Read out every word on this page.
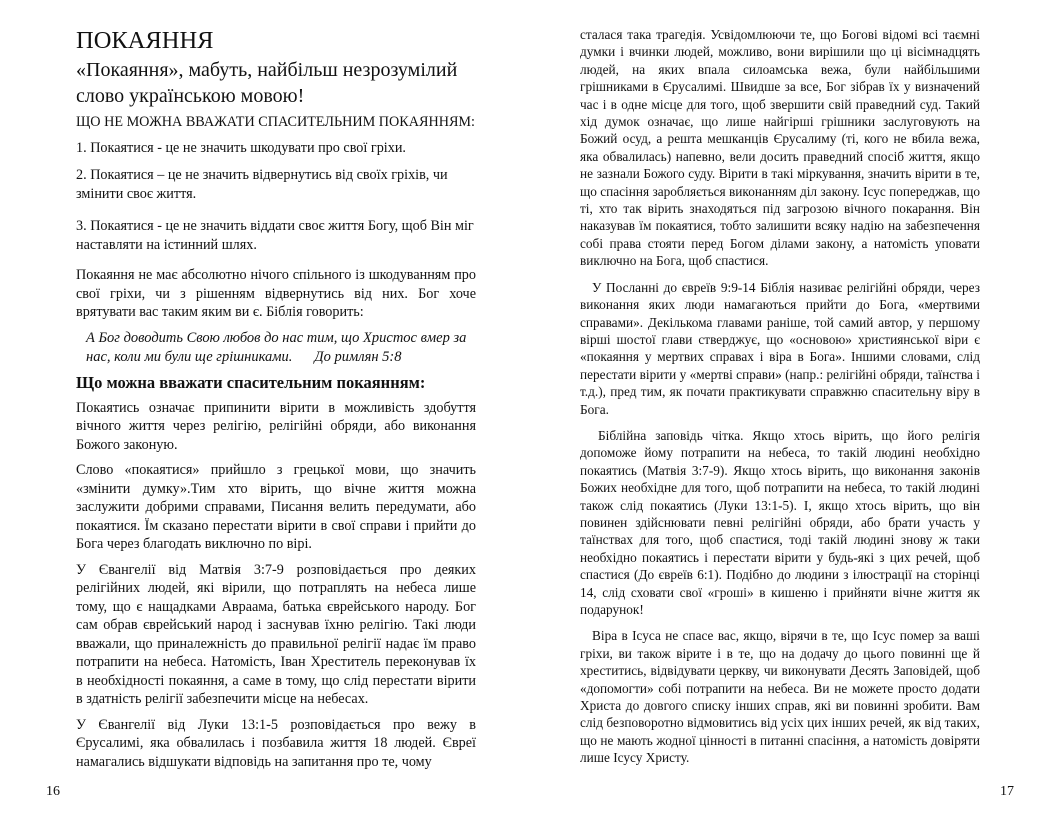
ПОКАЯННЯ
«Покаяння», мабуть, найбільш незрозумілий слово українською мовою!
ЩО НЕ МОЖНА ВВАЖАТИ СПАСИТЕЛЬНИМ ПОКАЯННЯМ:
1. Покаятися - це не значить шкодувати про свої гріхи.
2. Покаятися – це не значить відвернутись від своїх гріхів, чи змінити своє життя.
3. Покаятися - це не значить віддати своє життя Богу, щоб Він міг наставляти на істинний шлях.

Покаяння не має абсолютно нічого спільного із шкодуванням про свої гріхи, чи з рішенням відвернутись від них. Бог хоче врятувати вас таким яким ви є. Біблія говорить:

А Бог доводить Свою любов до нас тим, що Христос вмер за нас, коли ми були ще грішниками. До римлян 5:8
Що можна вважати спасительним покаянням:

Покаятись означає припинити вірити в можливість здобуття вічного життя через релігію, релігійні обряди, або виконання Божого законую.

Слово «покаятися» прийшло з грецької мови, що значить «змінити думку».Тим хто вірить, що вічне життя можна заслужити добрими справами, Писання велить передумати, або покаятися. Їм сказано перестати вірити в свої справи і прийти до Бога через благодать виключно по вірі.

У Євангелії від Матвія 3:7-9 розповідається про деяких релігійних людей, які вірили, що потраплять на небеса лише тому, що є нащадками Авраама, батька єврейського народу. Бог сам обрав єврейський народ і заснував їхню релігію. Такі люди вважали, що приналежність до правильної релігії надає їм право потрапити на небеса. Натомість, Іван Хреститель переконував їх в необхідності покаяння, а саме в тому, що слід перестати вірити в здатність релігії забезпечити місце на небесах.

У Євангелії від Луки 13:1-5 розповідається про вежу в Єрусалимі, яка обвалилась і позбавила життя 18 людей. Євреї намагались відшукати відповідь на запитання про те, чому

16

сталася така трагедія. Усвідомлюючи те, що Богові відомі всі таємні думки і вчинки людей, можливо, вони вирішили що ці вісімнадцять людей, на яких впала силоамська вежа, були найбільшими грішниками в Єрусалимі. Швидше за все, Бог зібрав їх у визначений час і в одне місце для того, щоб звершити свій праведний суд. Такий хід думок означає, що лише найгірші грішники заслуговують на Божий осуд, а решта мешканців Єрусалиму (ті, кого не вбила вежа, яка обвалилась) напевно, вели досить праведний спосіб життя, якщо не зазнали Божого суду. Вірити в такі міркування, значить вірити в те, що спасіння заробляється виконанням діл закону. Ісус попереджав, що ті, хто так вірить знаходяться під загрозою вічного покарання. Він наказував їм покаятися, тобто залишити всяку надію на забезпечення собі права стояти перед Богом ділами закону, а натомість уповати виключно на Бога, щоб спастися.

У Посланні до євреїв 9:9-14 Біблія називає релігійні обряди, через виконання яких люди намагаються прийти до Бога, «мертвими справами». Декількома главами раніше, той самий автор, у першому вірші шостої глави стверджує, що «основою» християнської віри є «покаяння у мертвих справах і віра в Бога». Іншими словами, слід перестати вірити у «мертві справи» (напр.: релігійні обряди, таїнства і т.д.), пред тим, як почати практикувати справжню спасительну віру в Бога.

Біблійна заповідь чітка. Якщо хтось вірить, що його релігія допоможе йому потрапити на небеса, то такій людині необхідно покаятись (Матвія 3:7-9). Якщо хтось вірить, що виконання законів Божих необхідне для того, щоб потрапити на небеса, то такій людині також слід покаятись (Луки 13:1-5). І, якщо хтось вірить, що він повинен здійснювати певні релігійні обряди, або брати участь у таїнствах для того, щоб спастися, тоді такій людині знову ж таки необхідно покаятись і перестати вірити у будь-які з цих речей, щоб спастися (До євреїв 6:1). Подібно до людини з ілюстрації на сторінці 14, слід сховати свої «гроші» в кишеню і прийняти вічне життя як подарунок!

Віра в Ісуса не спасе вас, якщо, вірячи в те, що Ісус помер за ваші гріхи, ви також вірите і в те, що на додачу до цього повинні ще й хреститись, відвідувати церкву, чи виконувати Десять Заповідей, щоб «допомогти» собі потрапити на небеса. Ви не можете просто додати Христа до довгого списку інших справ, які ви повинні зробити. Вам слід безповоротно відмовитись від усіх цих інших речей, як від таких, що не мають жодної цінності в питанні спасіння, а натомість довіряти лише Ісусу Христу.

17
